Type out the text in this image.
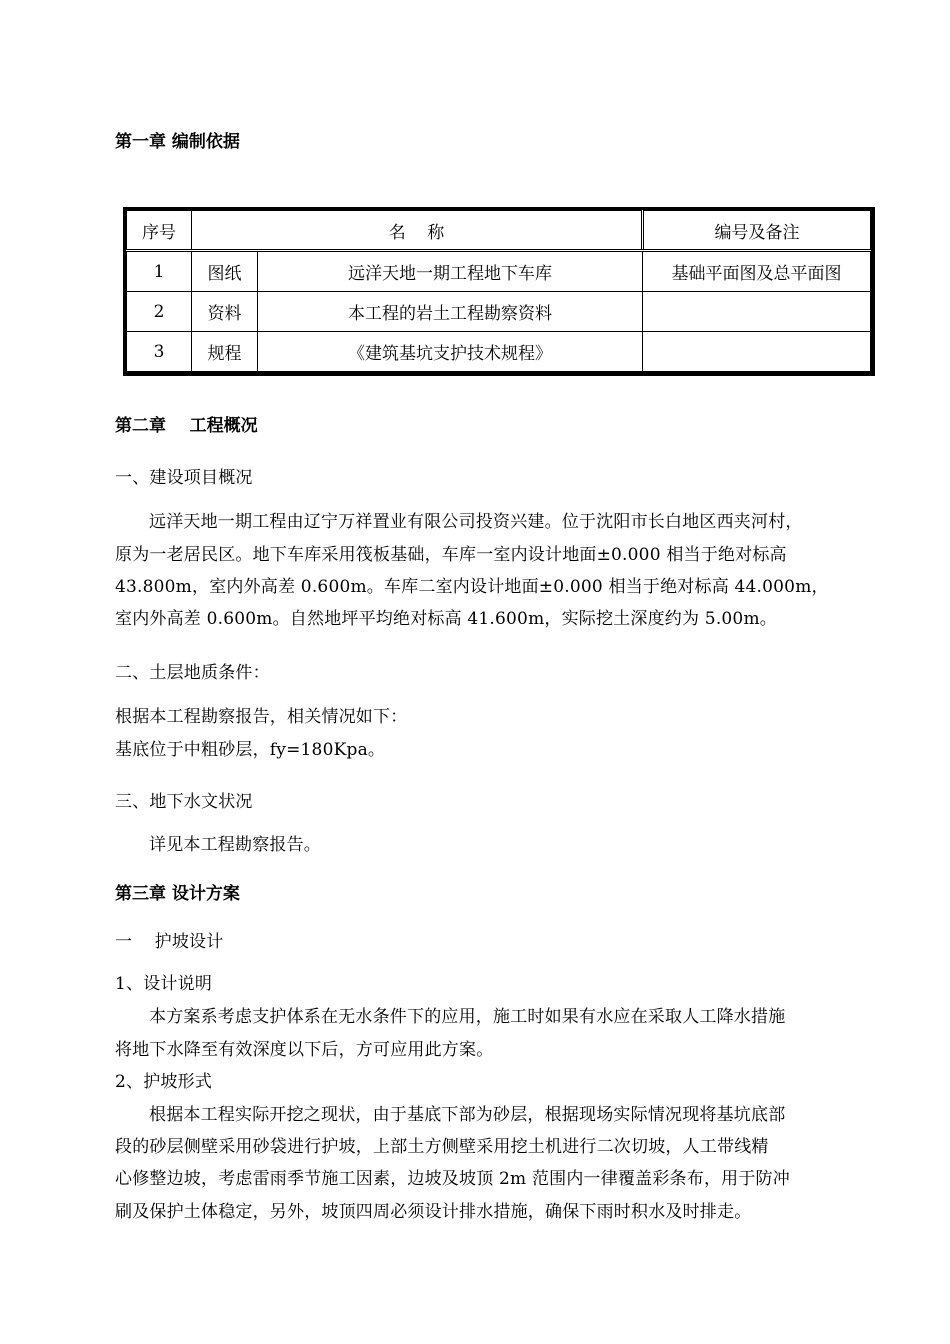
第一章 编制依据
序号	名    称		编号及备注
1	图纸	远洋天地一期工程地下车库	基础平面图及总平面图
2	资料	本工程的岩土工程勘察资料	
3	规程	《建筑基坑支护技术规程》	
第二章    工程概况
一、建设项目概况
远洋天地一期工程由辽宁万祥置业有限公司投资兴建。位于沈阳市长白地区西夹河村，
原为一老居民区。地下车库采用筏板基础，车库一室内设计地面±0.000 相当于绝对标高
43.800m，室内外高差 0.600m。车库二室内设计地面±0.000 相当于绝对标高 44.000m，
室内外高差 0.600m。自然地坪平均绝对标高 41.600m，实际挖土深度约为 5.00m。
二、土层地质条件：
根据本工程勘察报告，相关情况如下：
基底位于中粗砂层，fy=180Kpa。
三、地下水文状况
详见本工程勘察报告。
第三章 设计方案
一    护坡设计
1、设计说明
本方案系考虑支护体系在无水条件下的应用，施工时如果有水应在采取人工降水措施
将地下水降至有效深度以下后，方可应用此方案。
2、护坡形式
根据本工程实际开挖之现状，由于基底下部为砂层，根据现场实际情况现将基坑底部
段的砂层侧壁采用砂袋进行护坡，上部土方侧壁采用挖土机进行二次切坡，人工带线精
心修整边坡，考虑雷雨季节施工因素，边坡及坡顶 2m 范围内一律覆盖彩条布，用于防冲
刷及保护土体稳定，另外，坡顶四周必须设计排水措施，确保下雨时积水及时排走。
